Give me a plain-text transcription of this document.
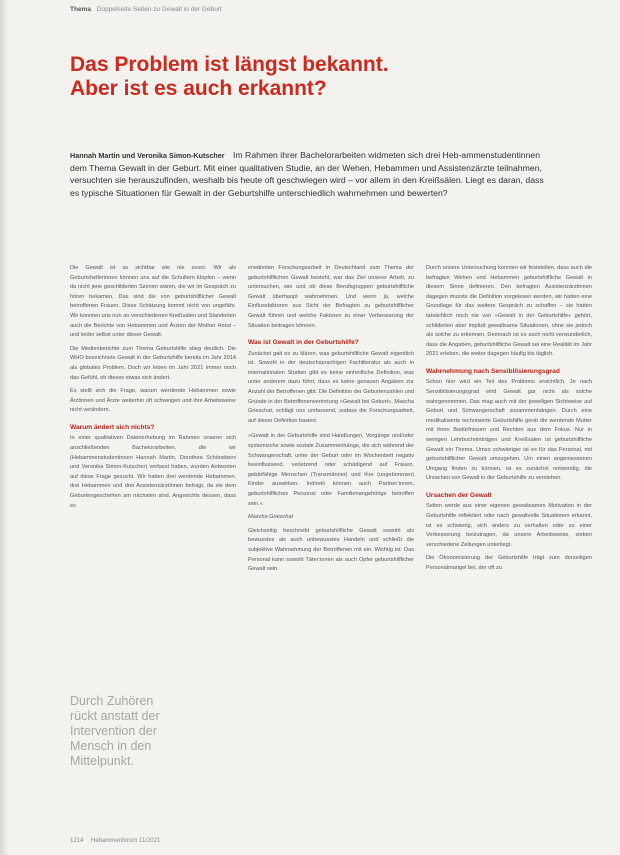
Thema Doppelseite Seiten zu Gewalt in der Geburt
Das Problem ist längst bekannt.
Aber ist es auch erkannt?
Hannah Martin und Veronika Simon-Kutscher Im Rahmen ihrer Bachelorarbeiten widmeten sich drei Heb-ammenstudentinnen dem Thema Gewalt in der Geburt. Mit einer qualitativen Studie, an der Wehen, Hebammen und Assistenzärzte teilnahmen, versuchten sie herauszufinden, weshalb bis heute oft geschwiegen wird – vor allem in den Kreißsälen. Liegt es daran, dass es typische Situationen für Gewalt in der Geburtshilfe unterschiedlich wahrnehmen und bewerten?

Die Gewalt ist so sichtbar wie nie zuvor. Wir als Geburtshelferinnen können uns auf die Schultern klopfen – wenn da nicht jene geschilderten Szenen wären, die wir im Gespräch zu hören bekamen. Das sind die von geburtshilflicher Gewalt betroffenen Frauen. Diese Schätzung kommt nicht von ungefähr. Wir konnten uns nun an verschiedenen Kreißsälen und Standorten auch die Berichte von Hebammen und Ärzten der Mother Hood – und leider selbst unter dieser Gewalt.

Die Medienberichte zum Thema Geburtshilfe stieg deutlich. Die WHO bezeichnete Gewalt in der Geburtshilfe bereits im Jahr 2014 als globales Problem. Doch wir leben im Jahr 2021 immer noch das Gefühl, ob dieses etwas sich ändert.

Es stellt sich die Frage, warum werdende Hebammen sowie Ärztinnen und Ärzte weiterhin oft schweigen und ihre Arbeitsweise nicht verändern.

Warum ändert sich nichts?

In einer qualitativen Datenerhebung im Rahmen unserer sich anschließenden Bachelorarbeiten, die wir (Hebammenstudentinnen Hannah Martin, Dorothea Schönebers und Veronika Simon-Kutscher) verfasst haben, wurden Antworten auf diese Frage gesucht. Wir haben drei werdende Hebammen, drei Hebammen und drei Assistenzärztinnen befragt, da sie dem Geburtengeschehen am nächsten sind. Angesichts dessen, dass es

erwähnten Forschungsarbeit in Deutschland zum Thema der geburtshilflichen Gewalt besteht, war das Ziel unserer Arbeit, zu untersuchen, wie und ob diese Berufsgruppen geburtshilfliche Gewalt überhaupt wahrnehmen. Und wenn ja, welche Einflussfaktoren aus Sicht der Befragten zu geburtshilflicher Gewalt führen und welche Faktoren zu einer Verbesserung der Situation beitragen können.

Was ist Gewalt in der Geburtshilfe?

Zunächst galt es zu klären, was geburtshilfliche Gewalt eigentlich ist. Sowohl in der deutschsprachigen Fachliteratur als auch in internationalen Studien gibt es keine einheitliche Definition, was unter anderem dazu führt, dass es keine genauen Angaben zur Anzahl der Betroffenen gibt. Die Definition der Geburtenzahlen und Gründe in der Betroffenenvertretung »Gewalt bei Geburt«, Mascha Grieschat, schlägt uns umfassend, sodass die Forschungsarbeit, auf dieser Definition basiert.

»Gewalt in der Geburtshilfe sind Handlungen, Vorgänge und/oder systemische sowie soziale Zusammenhänge, die sich während der Schwangerschaft, unter der Geburt oder im Wochenbett negativ beeinflussend, verletzend oder schädigend auf Frauen, gebärfähige Menschen (Transmänner) und ihre (ungeborenen) Kinder auswirken. Indirekt können auch Partner:innen, geburtshilfliches Personal oder Familienangehörige betroffen sein.«

Mascha Grieschat

Gleichzeitig beschreibt geburtshilfliche Gewalt sowohl als bewusstes als auch unbewusstes Handeln und schließt die subjektive Wahrnehmung der Betroffenen mit ein. Wichtig ist: Das Personal kann sowohl Täter:innen als auch Opfer geburtshilflicher Gewalt sein.

Durch unsere Untersuchung konnten wir feststellen, dass auch die befragten Wehen und Hebammen geburtshilfliche Gewalt in diesem Sinne definieren. Den befragten Assistenzärztinnen dagegen musste die Definition vorgelesen werden, wir hatten eine Grundlage für das weitere Gespräch zu schaffen – sie hatten tatsächlich noch nie von »Gewalt in der Geburtshilfe« gehört, schilderten aber implizit gewaltsame Situationen, ohne sie jedoch als solche zu erkennen. Demnach ist es auch nicht verwunderlich, dass die Angaben, geburtshilfliche Gewalt sei eine Realität im Jahr 2021 erleben, die weiter dagegen häufig bis täglich.

Wahrnehmung nach Sensibilisierungsgrad

Schon hier wird ein Teil des Problems ersichtlich. Je nach Sensibilisierungsgrad wird Gewalt gar nicht als solche wahrgenommen. Das mag auch mit der jeweiligen Sichtweise auf Geburt und Schwangerschaft zusammenhängen. Durch eine medikalisierte technisierte Geburtshilfe gerät die werdende Mutter mit ihren Bedürfnissen und Rechten aus dem Fokus. Nur in wenigen Lehrbucheinträgen und Kreißsälen ist geburtshilfliche Gewalt ein Thema. Umso schwieriger ist es für das Personal, mit geburtshilflicher Gewalt umzugehen. Um einen angemessenen Umgang finden zu können, ist es zunächst notwendig, die Ursachen von Gewalt in der Geburtshilfe zu verstehen.

Ursachen der Gewalt

Selten werde aus einer eigenen gewaltsamen Motivation in der Geburtshilfe reflektiert oder nach gewaltvolle Situationen erkannt, ist es schwierig, sich anders zu verhalten oder zu einer Verbesserung beizutragen, da unsere Arbeitsweise, sieben verschiedene Zeitungen unterliegt.

Die Ökonomisierung der Geburtshilfe trägt zum derzeitigen Personalmangel bei, der oft zu

Durch Zuhören
rückt anstatt der
Intervention der
Mensch in den
Mittelpunkt.

1214 Hebammenforum 11/2021
